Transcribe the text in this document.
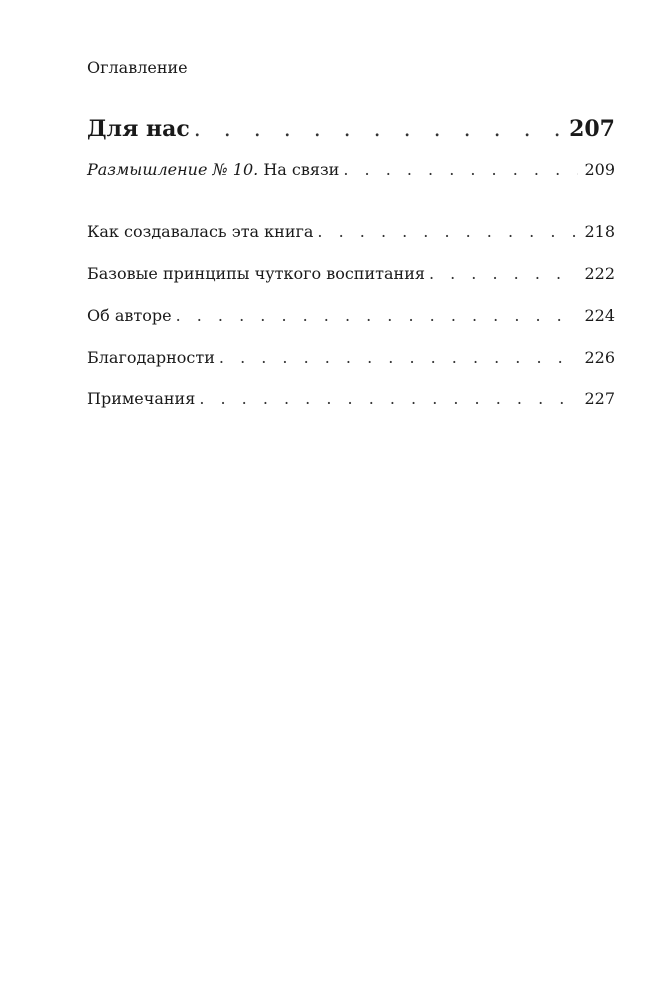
Оглавление
Для нас . . .	207
Размышление № 10. На связи . . .	209
Как создавалась эта книга . . .	218
Базовые принципы чуткого воспитания . . .	222
Об авторе . . .	224
Благодарности . . .	226
Примечания . . .	227
